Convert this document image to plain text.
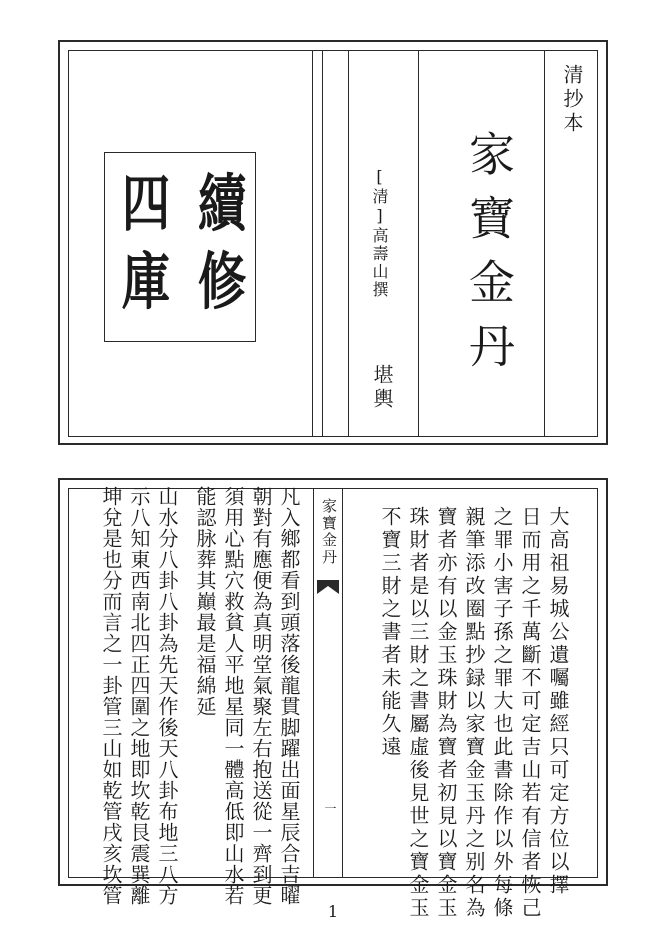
續
修
四
庫
[清]高壽山撰
堪輿
家寶金丹
清抄本
家寶金丹
一	大高祖易城公遺囑雖經只可定方位以擇
日而用之千萬斷不可定吉山若有信者恢己
之罪小害子孫之罪大也此書除作以外每條
親筆添改圈點抄録以家寶金玉丹之别名為
寶者亦有以金玉珠財為寶者初見以寶金玉
珠財者是以三財之書屬虛後見世之寶金玉
不寶三財之書者未能久遠
凡入鄉都看到頭落後龍貫脚躍出面星辰合吉曜
朝對有應便為真明堂氣聚左右抱送從一齊到更
須用心點穴救貧人平地星同一體高低即山水若
能認脉葬其巔最是福綿延
山水分八卦八卦為先天作後天八卦布地三八方
示八知東西南北四正四圍之地即坎乾艮震巽離
坤兌是也分而言之一卦管三山如乾管戌亥坎管
1
